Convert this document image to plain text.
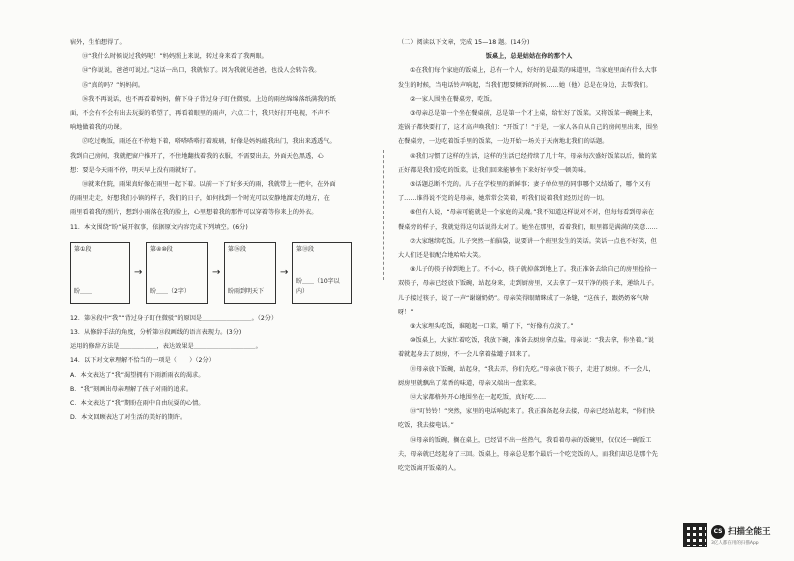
宿外，生怕想得了。

⑬“我什么时候说过我妈呢！”妈妈照上来说，转过身来看了我两眼。

⑭“你说说，爸爸可说过。”这话一出口，我就惊了。因为我就见爸爸，也没人会转告我。

⑮“真的吗？”妈妈问。

⑯我不再说话，也不再看着妈妈，俯下身子背过身子盯住微驳。上边的雨丝绵绵落纸满我的纸面，不会有不会有出去玩耍的希望了，再看着眼里的雨声，六点二十，我只好打开电视，不声不响地做着我的功课。

⑰吃过晚饭，雨还在不停地下着，嗒嗒嗒嗒打着玻璃，好像是妈妈敲我出门，我出来透透气。我到自己房间，我就把窗户推开了，不住地翻找着我的衣服，不需要出去，外面天色黑透，心想：要是今天雨不停，明天早上没有雨就好了。

⑱就来住院，雨果真好像在雨里一起下着。以前一下了好多天的雨，我就带上一把伞，在外面的雨里走走，好想我们小镇的样子，我们的日子，如何找到一个时光可以安静地溜走的地方，在雨里看着我的照片，想到小雨落在我的脸上，心里想着我的那件可以穿着等你来上的外衣。

11．本文围绕“盼”展开叙事，依据原文内容完成下列填空。(6分)

第①段
盼＿＿
→
第④⑩段
盼＿＿（2字）
→
第⑯段
盼雨到明天下
→
第⑱段
盼＿＿（10字以内）

12．第⑯段中“我”“背过身子盯住微驳”的原因是＿＿＿＿＿＿＿＿。（2分）

13．从修辞手法的角度，分析第⑬段画线的语言表现力。(3分)

运用的修辞方法是＿＿＿＿＿＿，表达效果是＿＿＿＿＿＿＿＿＿＿。

14．以下对文章理解不恰当的一项是（　　）（2分）

A．本文表达了“我”渴望拥有下雨新雨衣的渴求。

B．“我”刻画出母亲理解了孩子对雨的追求。

C．本文表达了“我”期盼在雨中自由玩耍的心情。

D．本文回顾表达了对生活的美好的期许。

（二）阅读以下文章，完成 15—18 题。(14分)

饭桌上，总是姑姑在你的那个人

①在我们每个家庭的饭桌上，总有一个人，好好的是最美的味道里，当家庭里面有什么大事发生的时候，当电话铃声响起，当我们想要倾诉的时候……她（他）总是在身边，去帮我们。

②一家人围坐在餐桌旁，吃饭。

③母亲总是第一个坐在餐桌前，总是第一个才上桌，给忙好了饭菜。又将饭菜一碗碗上来，连锅子都快要打了，这才高声唤我们：“开饭了！”于是，一家人各自从自己的房间里出来，围坐在餐桌旁，一边吃着饭手里的饭菜，一边开始一场关于天南地北我们的话题。

④我们习惯了这样的生活，这样的生活已经持续了几十年，母亲每次盛好饭菜以后，做的菜正好都是我们爱吃的饭菜，让我们回来能够坐下来好好享受一顿美味。

⑤话题总断不完的。儿子在学校里的新鲜事；妻子单位里的同事哪个又结婚了，哪个又有了……谁得说不完的是母亲，她常常会笑着，听我们说着我们经历过的一切。

⑥但有人说，“母亲可能就是一个家庭的灵魂。”我不知道这样说对不对，但每每看到母亲在餐桌旁的样子，我就觉得这句话说得太对了。她坐在那里，看着我们，眼里都是满满的笑意……

⑦大家继续吃饭。儿子突然一拍脑袋，说要讲一个班里发生的笑话。笑话一点也不好笑，但大人们还是很配合地哈哈大笑。

⑧儿子的筷子掉到地上了。不小心，筷子就掉落到地上了。我正准备去给自己的房里捡拾一双筷子，母亲已经放下饭碗，站起身来，走到厨房里，又去拿了一双干净的筷子来，递给儿子。儿子接过筷子，说了一声“谢谢奶奶”。母亲笑得眼睛眯成了一条缝，“这孩子，跟奶奶客气啥呀！”

⑨大家埋头吃饭，谁随起一口菜，嚼了下，“好像有点淡了。”

⑩饭桌上，大家忙着吃饭，我放下碗，准备去厨房拿点盐。母亲说：“我去拿，你坐着。”说着就起身去了厨房，不一会儿拿着盐罐子回来了。

⑪母亲放下饭碗，站起身，“我去弄，你们先吃。”母亲放下筷子，走进了厨房。不一会儿，厨房里就飘出了菜香的味道，母亲又端出一盘菜来。

⑫大家都格外开心地围坐在一起吃饭，真好吃……

⑬“叮铃铃！”突然，家里的电话响起来了。我正准备起身去接，母亲已经站起来，“你们快吃饭，我去接电话。”

⑭母亲的饭碗，搁在桌上，已经冒不出一丝热气，我看着母亲的饭碗里，仅仅还一碗饭工夫，母亲就已经起身了三回。饭桌上，母亲总是那个最后一个吃完饭的人，而我们却总是那个先吃完饭离开饭桌的人。

CS 扫描全能王
3亿人都在用的扫描App
